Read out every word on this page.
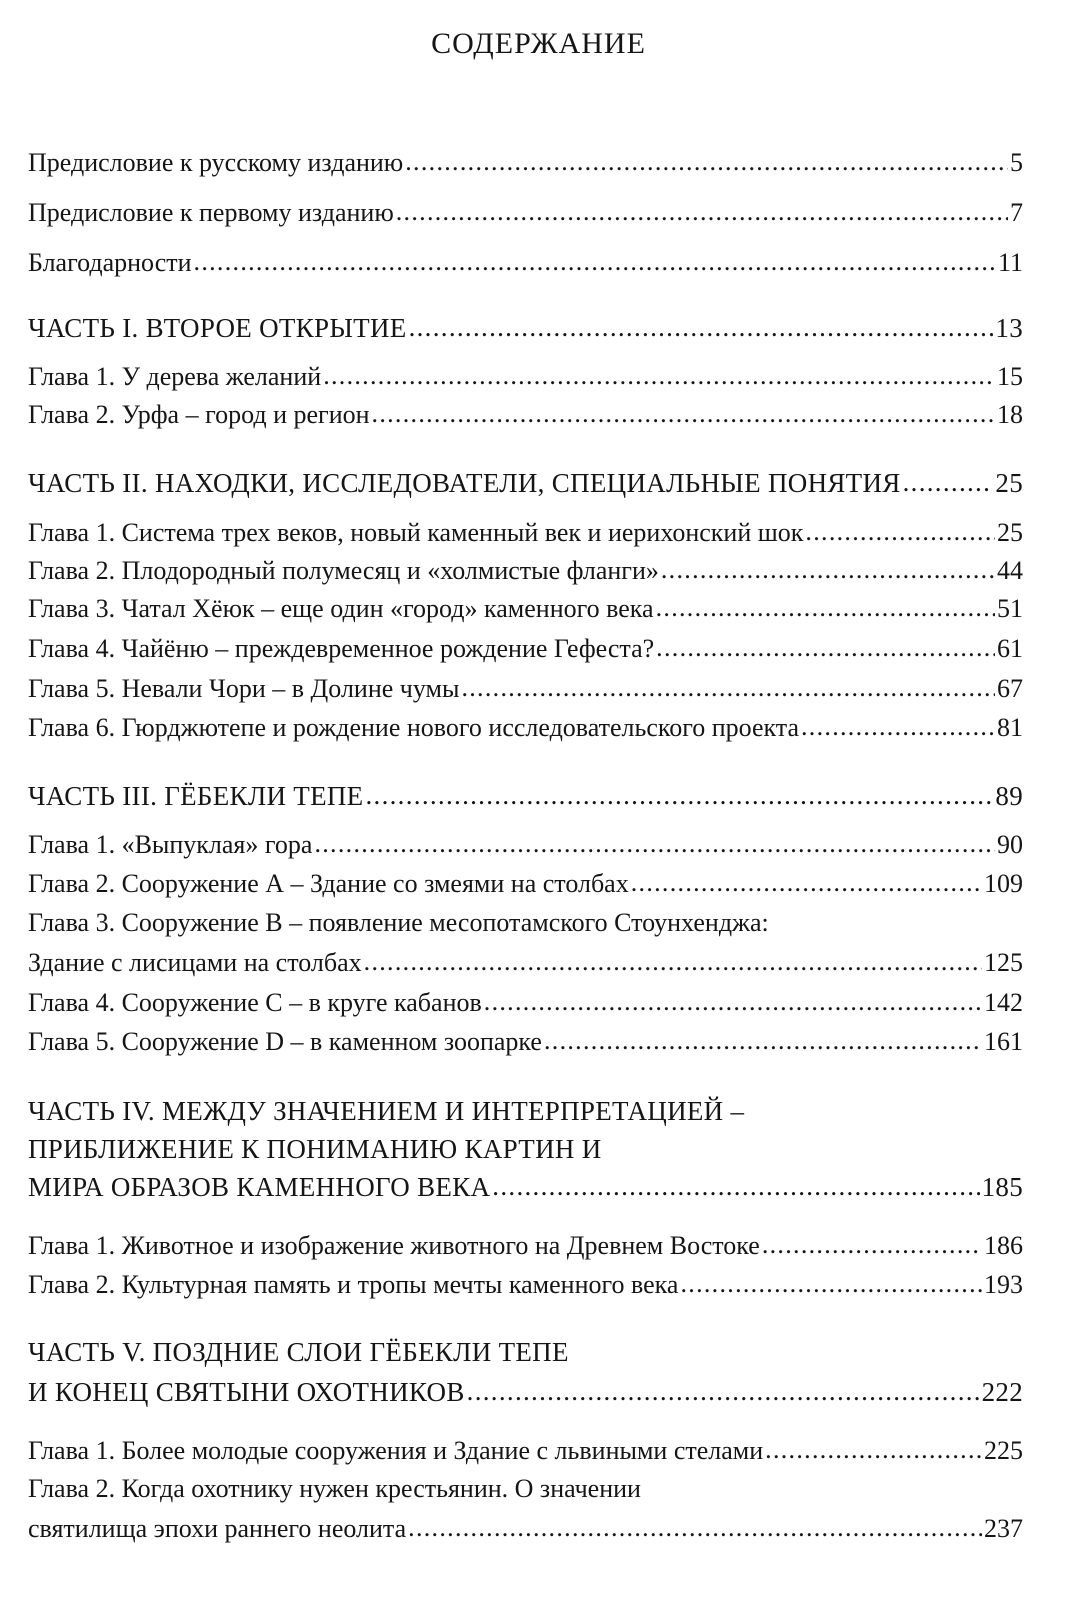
СОДЕРЖАНИЕ
Предисловие к русскому изданию .....	5
Предисловие к первому изданию .....	7
Благодарности .....	11
ЧАСТЬ I. ВТОРОЕ ОТКРЫТИЕ .....	13
Глава 1. У дерева желаний .....	15
Глава 2. Урфа – город и регион .....	18
ЧАСТЬ II. НАХОДКИ, ИССЛЕДОВАТЕЛИ, СПЕЦИАЛЬНЫЕ ПОНЯТИЯ .....	25
Глава 1. Система трех веков, новый каменный век и иерихонский шок .....	25
Глава 2. Плодородный полумесяц и «холмистые фланги» .....	44
Глава 3. Чатал Хёюк – еще один «город» каменного века .....	51
Глава 4. Чайёню – преждевременное рождение Гефеста? .....	61
Глава 5. Невали Чори – в Долине чумы .....	67
Глава 6. Гюрджютепе и рождение нового исследовательского проекта .....	81
ЧАСТЬ III. ГЁБЕКЛИ ТЕПЕ .....	89
Глава 1. «Выпуклая» гора .....	90
Глава 2. Сооружение А – Здание со змеями на столбах .....	109
Глава 3. Сооружение В – появление месопотамского Стоунхенджа:
Здание с лисицами на столбах .....	125
Глава 4. Сооружение С – в круге кабанов .....	142
Глава 5. Сооружение D – в каменном зоопарке .....	161
ЧАСТЬ IV. МЕЖДУ ЗНАЧЕНИЕМ И ИНТЕРПРЕТАЦИЕЙ –
ПРИБЛИЖЕНИЕ К ПОНИМАНИЮ КАРТИН И
МИРА ОБРАЗОВ КАМЕННОГО ВЕКА .....	185
Глава 1. Животное и изображение животного на Древнем Востоке .....	186
Глава 2. Культурная память и тропы мечты каменного века .....	193
ЧАСТЬ V. ПОЗДНИЕ СЛОИ ГЁБЕКЛИ ТЕПЕ
И КОНЕЦ СВЯТЫНИ ОХОТНИКОВ .....	222
Глава 1. Более молодые сооружения и Здание с львиными стелами .....	225
Глава 2. Когда охотнику нужен крестьянин. О значении
святилища эпохи раннего неолита .....	237
